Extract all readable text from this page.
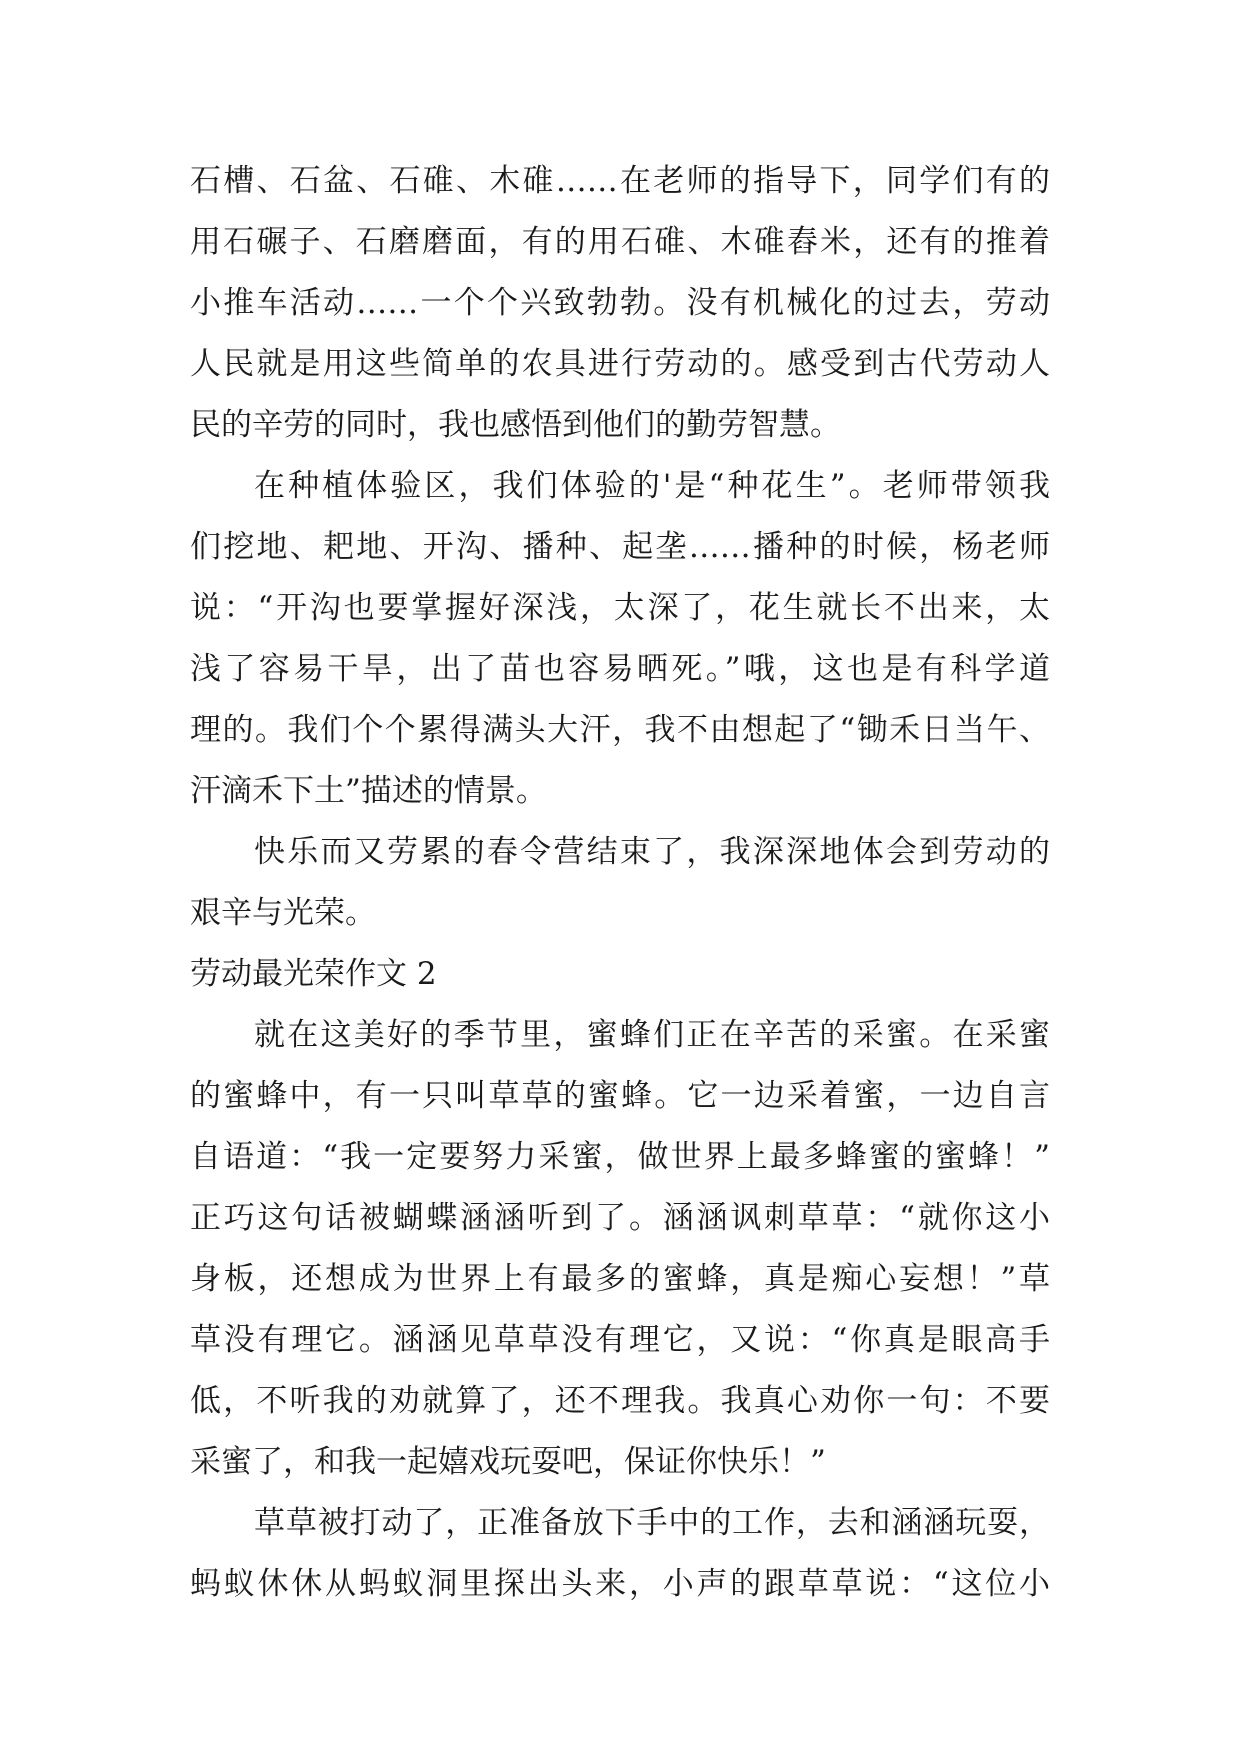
石槽、石盆、石碓、木碓……在老师的指导下，同学们有的
用石碾子、石磨磨面，有的用石碓、木碓舂米，还有的推着
小推车活动……一个个兴致勃勃。没有机械化的过去，劳动
人民就是用这些简单的农具进行劳动的。感受到古代劳动人
民的辛劳的同时，我也感悟到他们的勤劳智慧。
在种植体验区，我们体验的'是“种花生”。老师带领我
们挖地、耙地、开沟、播种、起垄……播种的时候，杨老师
说：“开沟也要掌握好深浅，太深了，花生就长不出来，太
浅了容易干旱，出了苗也容易晒死。”哦，这也是有科学道
理的。我们个个累得满头大汗，我不由想起了“锄禾日当午、
汗滴禾下土”描述的情景。
快乐而又劳累的春令营结束了，我深深地体会到劳动的
艰辛与光荣。
劳动最光荣作文 2
就在这美好的季节里，蜜蜂们正在辛苦的采蜜。在采蜜
的蜜蜂中，有一只叫草草的蜜蜂。它一边采着蜜，一边自言
自语道：“我一定要努力采蜜，做世界上最多蜂蜜的蜜蜂！”
正巧这句话被蝴蝶涵涵听到了。涵涵讽刺草草：“就你这小
身板，还想成为世界上有最多的蜜蜂，真是痴心妄想！”草
草没有理它。涵涵见草草没有理它，又说：“你真是眼高手
低，不听我的劝就算了，还不理我。我真心劝你一句：不要
采蜜了，和我一起嬉戏玩耍吧，保证你快乐！”
草草被打动了，正准备放下手中的工作，去和涵涵玩耍，
蚂蚁休休从蚂蚁洞里探出头来，小声的跟草草说：“这位小
